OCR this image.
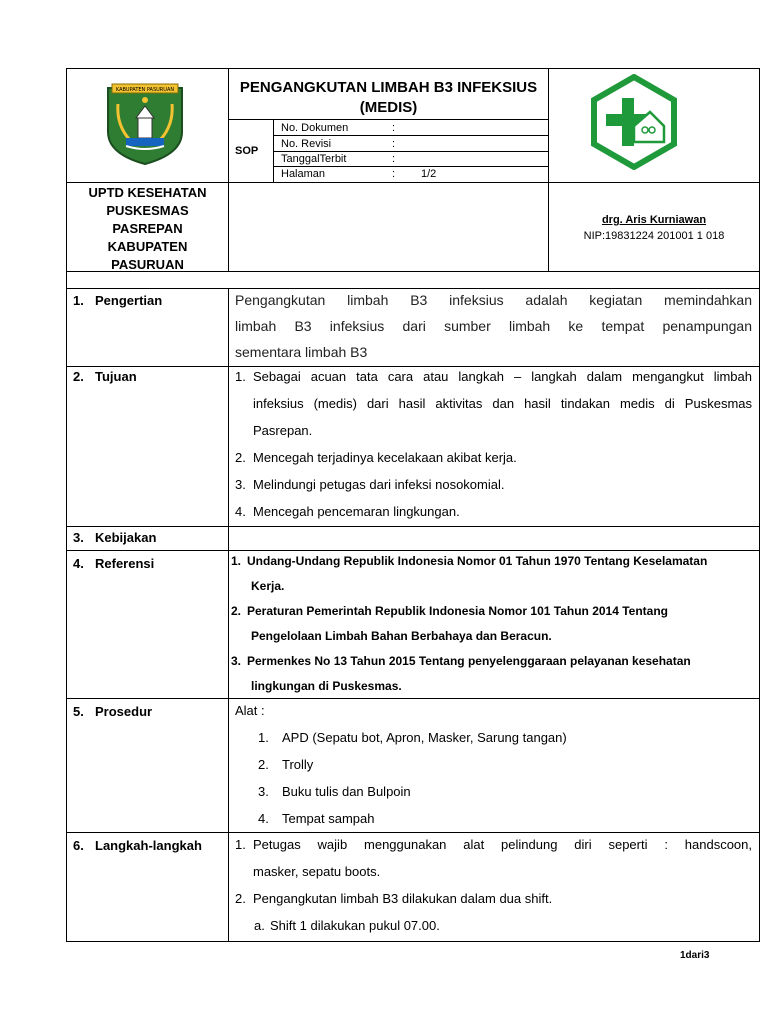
KABUPATEN PASURUAN	PENGANGKUTAN LIMBAH B3 INFEKSIUS
(MEDIS)
SOP
No. Dokumen	:
No. Revisi	:
TanggalTerbit	:
Halaman	: 1/2
UPTD KESEHATAN
PUSKESMAS
PASREPAN
KABUPATEN
PASURUAN
drg. Aris Kurniawan
NIP:19831224 201001 1 018
1. Pengertian	Pengangkutan limbah B3 infeksius adalah kegiatan memindahkan
limbah B3 infeksius dari sumber limbah ke tempat penampungan
sementara limbah B3
2. Tujuan	1. Sebagai acuan tata cara atau langkah – langkah dalam mengangkut limbah
infeksius (medis) dari hasil aktivitas dan hasil tindakan medis di Puskesmas
Pasrepan.
2. Mencegah terjadinya kecelakaan akibat kerja.
3. Melindungi petugas dari infeksi nosokomial.
4. Mencegah pencemaran lingkungan.
3. Kebijakan
4. Referensi	1. Undang-Undang Republik Indonesia Nomor 01 Tahun 1970 Tentang Keselamatan
Kerja.
2. Peraturan Pemerintah Republik Indonesia Nomor 101 Tahun 2014 Tentang
Pengelolaan Limbah Bahan Berbahaya dan Beracun.
3. Permenkes No 13 Tahun 2015 Tentang penyelenggaraan pelayanan kesehatan
lingkungan di Puskesmas.
5. Prosedur	Alat :
1. APD (Sepatu bot, Apron, Masker, Sarung tangan)
2. Trolly
3. Buku tulis dan Bulpoin
4. Tempat sampah
6. Langkah-langkah	1. Petugas wajib menggunakan alat pelindung diri seperti : handscoon,
masker, sepatu boots.
2. Pengangkutan limbah B3 dilakukan dalam dua shift.
a. Shift 1 dilakukan pukul 07.00.
1dari3
